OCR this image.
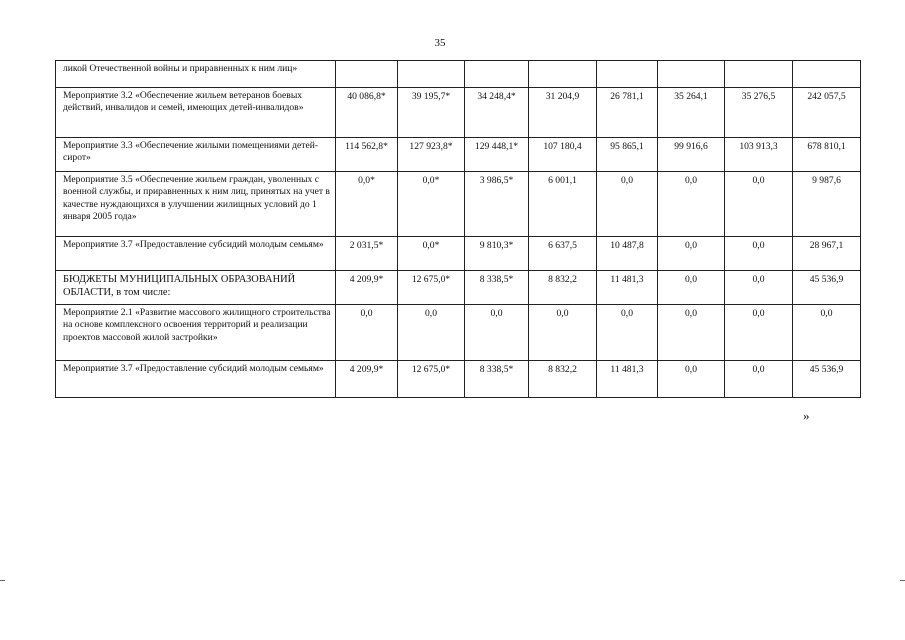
35
ликой Отечественной войны и приравненных к ним лиц»								
Мероприятие 3.2 «Обеспечение жильем ветеранов боевых действий, инвалидов и семей, имеющих детей-инвалидов»	40 086,8*	39 195,7*	34 248,4*	31 204,9	26 781,1	35 264,1	35 276,5	242 057,5
Мероприятие 3.3 «Обеспечение жилыми помещениями детей-сирот»	114 562,8*	127 923,8*	129 448,1*	107 180,4	95 865,1	99 916,6	103 913,3	678 810,1
Мероприятие 3.5 «Обеспечение жильем граждан, уволенных с военной службы, и приравненных к ним лиц, принятых на учет в качестве нуждающихся в улучшении жилищных условий до 1 января 2005 года»	0,0*	0,0*	3 986,5*	6 001,1	0,0	0,0	0,0	9 987,6
Мероприятие 3.7 «Предоставление субсидий молодым семьям»	2 031,5*	0,0*	9 810,3*	6 637,5	10 487,8	0,0	0,0	28 967,1
БЮДЖЕТЫ МУНИЦИПАЛЬНЫХ ОБРАЗОВАНИЙ ОБЛАСТИ, в том числе:	4 209,9*	12 675,0*	8 338,5*	8 832,2	11 481,3	0,0	0,0	45 536,9
Мероприятие 2.1 «Развитие массового жилищного строительства на основе комплексного освоения территорий и реализации проектов массовой жилой застройки»	0,0	0,0	0,0	0,0	0,0	0,0	0,0	0,0
Мероприятие 3.7 «Предоставление субсидий молодым семьям»	4 209,9*	12 675,0*	8 338,5*	8 832,2	11 481,3	0,0	0,0	45 536,9
»
